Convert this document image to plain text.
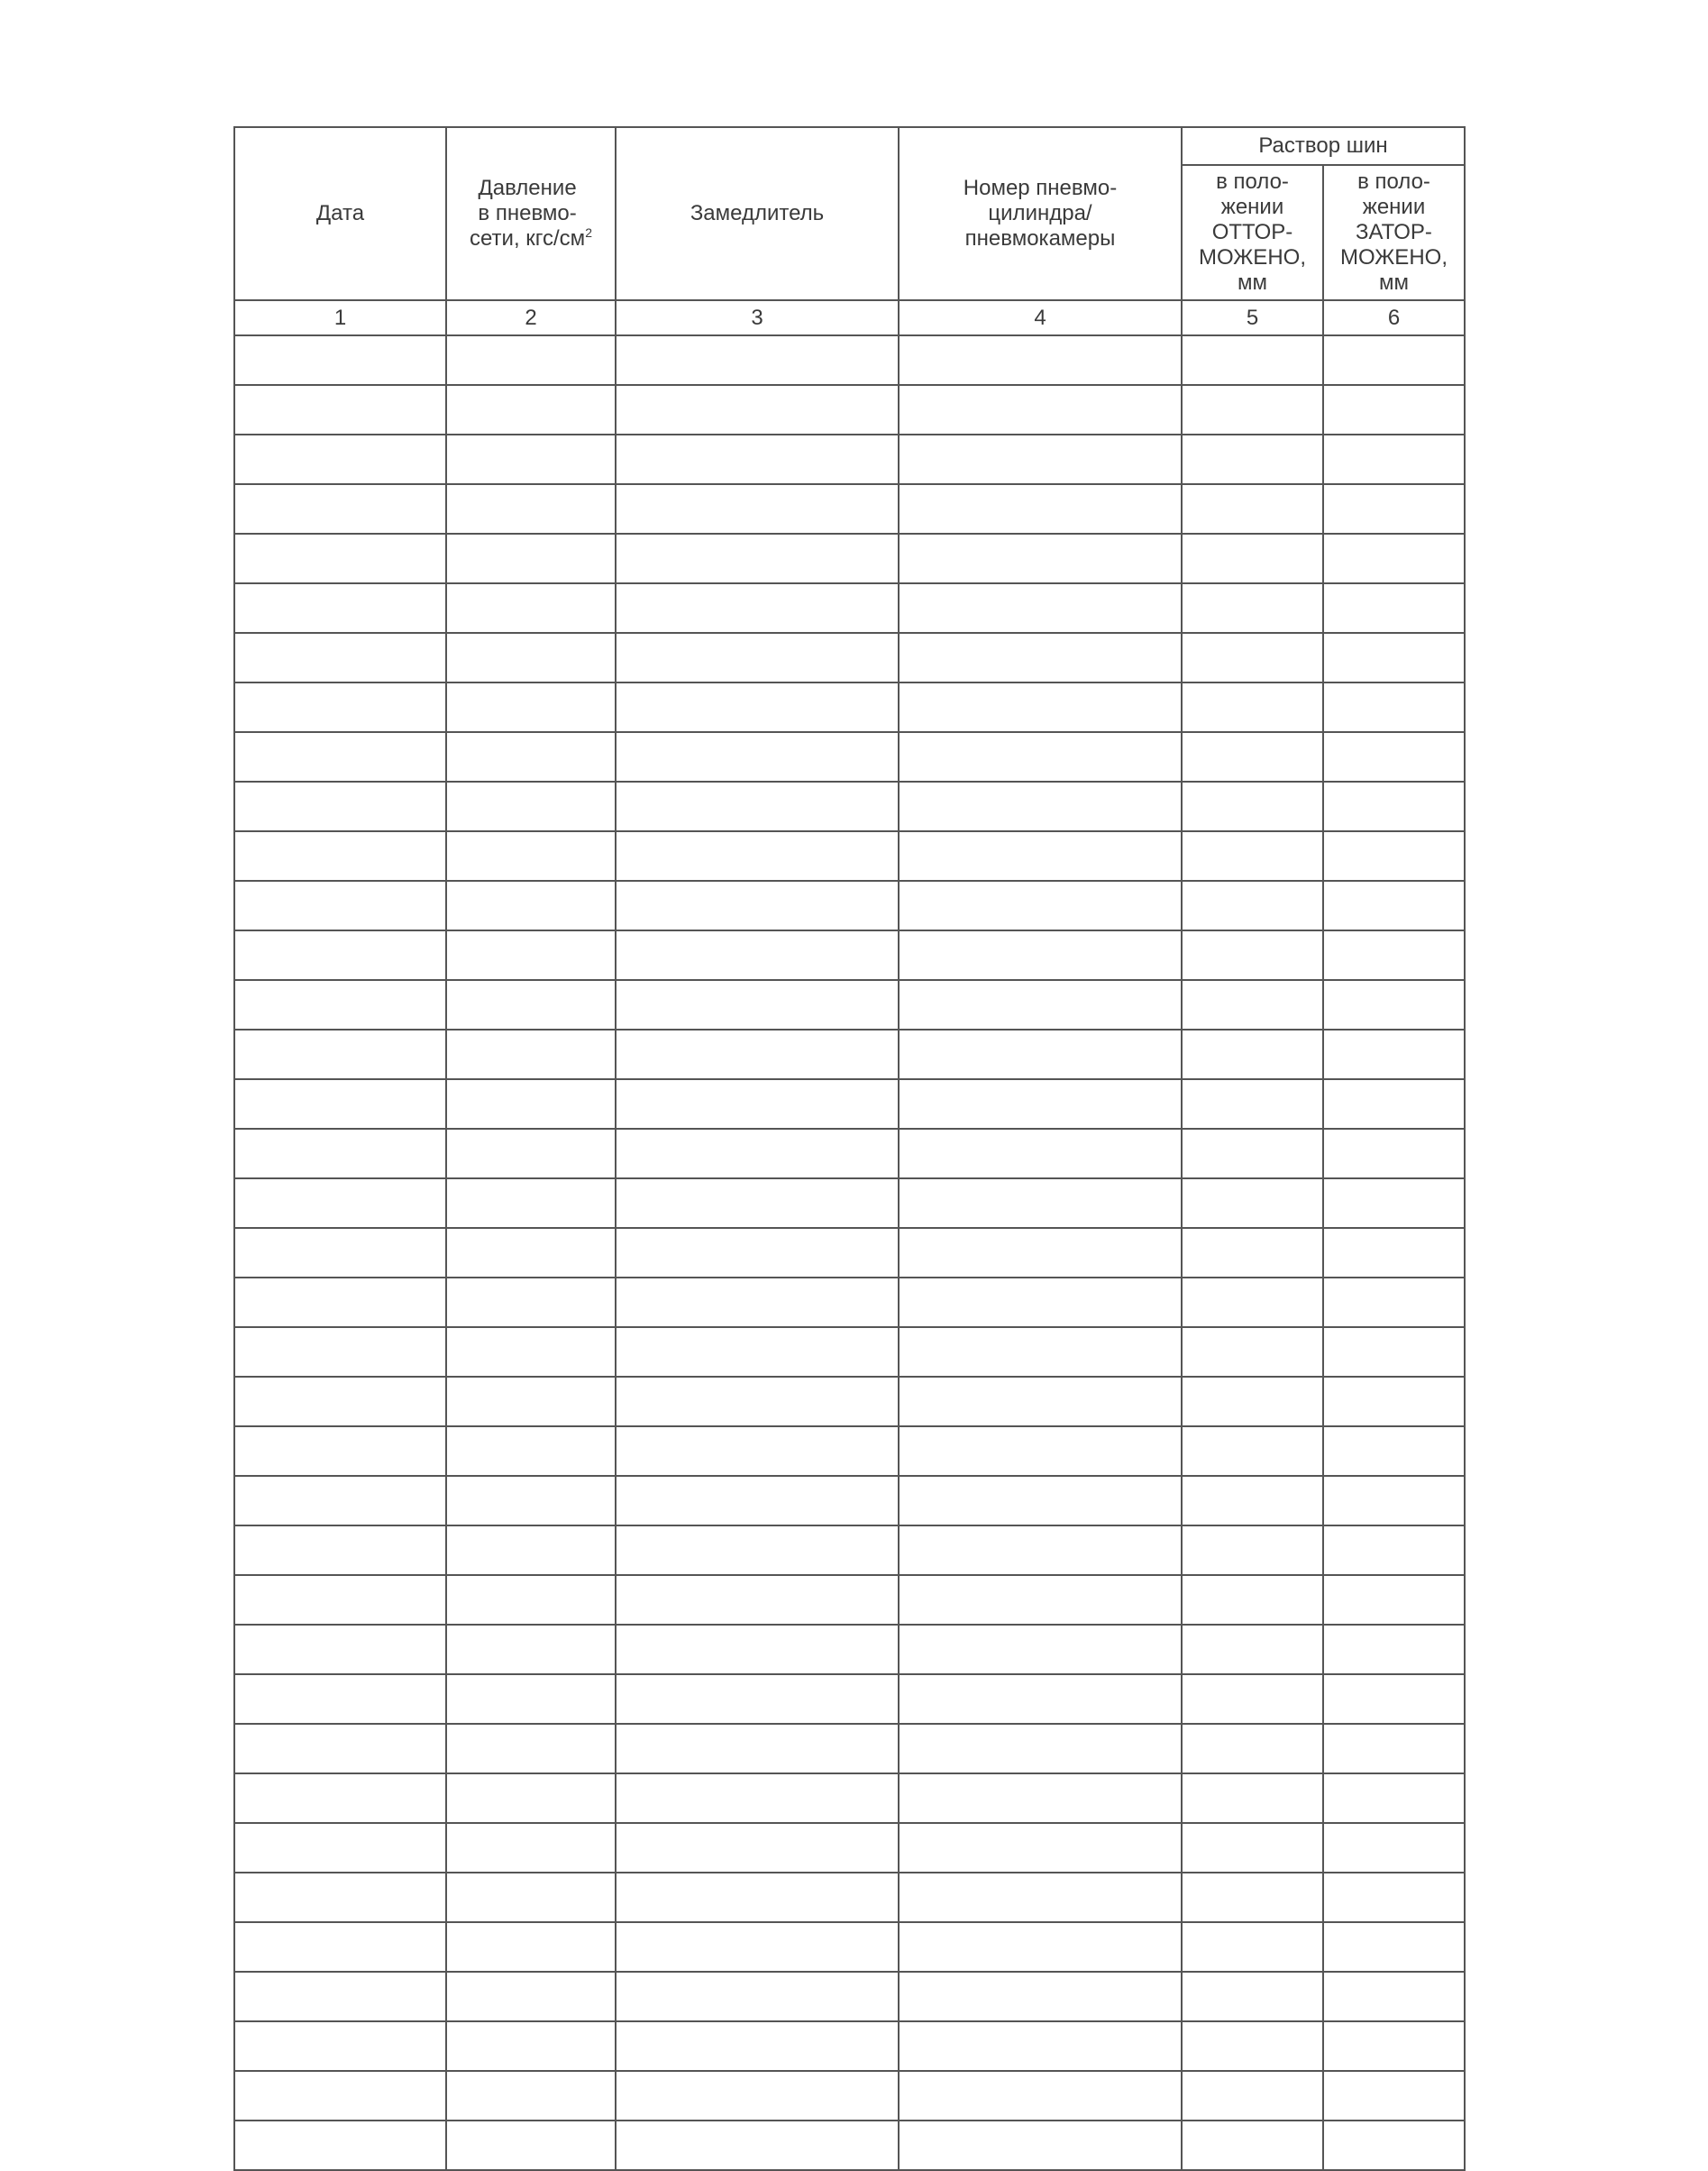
Дата	Давление
в пневмо-
сети, кгс/$см^2$	Замедлитель	Номер пневмо-
цилиндра/
пневмокамеры	Раствор шин	
				в поло-
жении
ОТТОР-
МОЖЕНО,
мм	в поло-
жении
ЗАТОР-
МОЖЕНО,
мм
1	2	3	4	5	6
